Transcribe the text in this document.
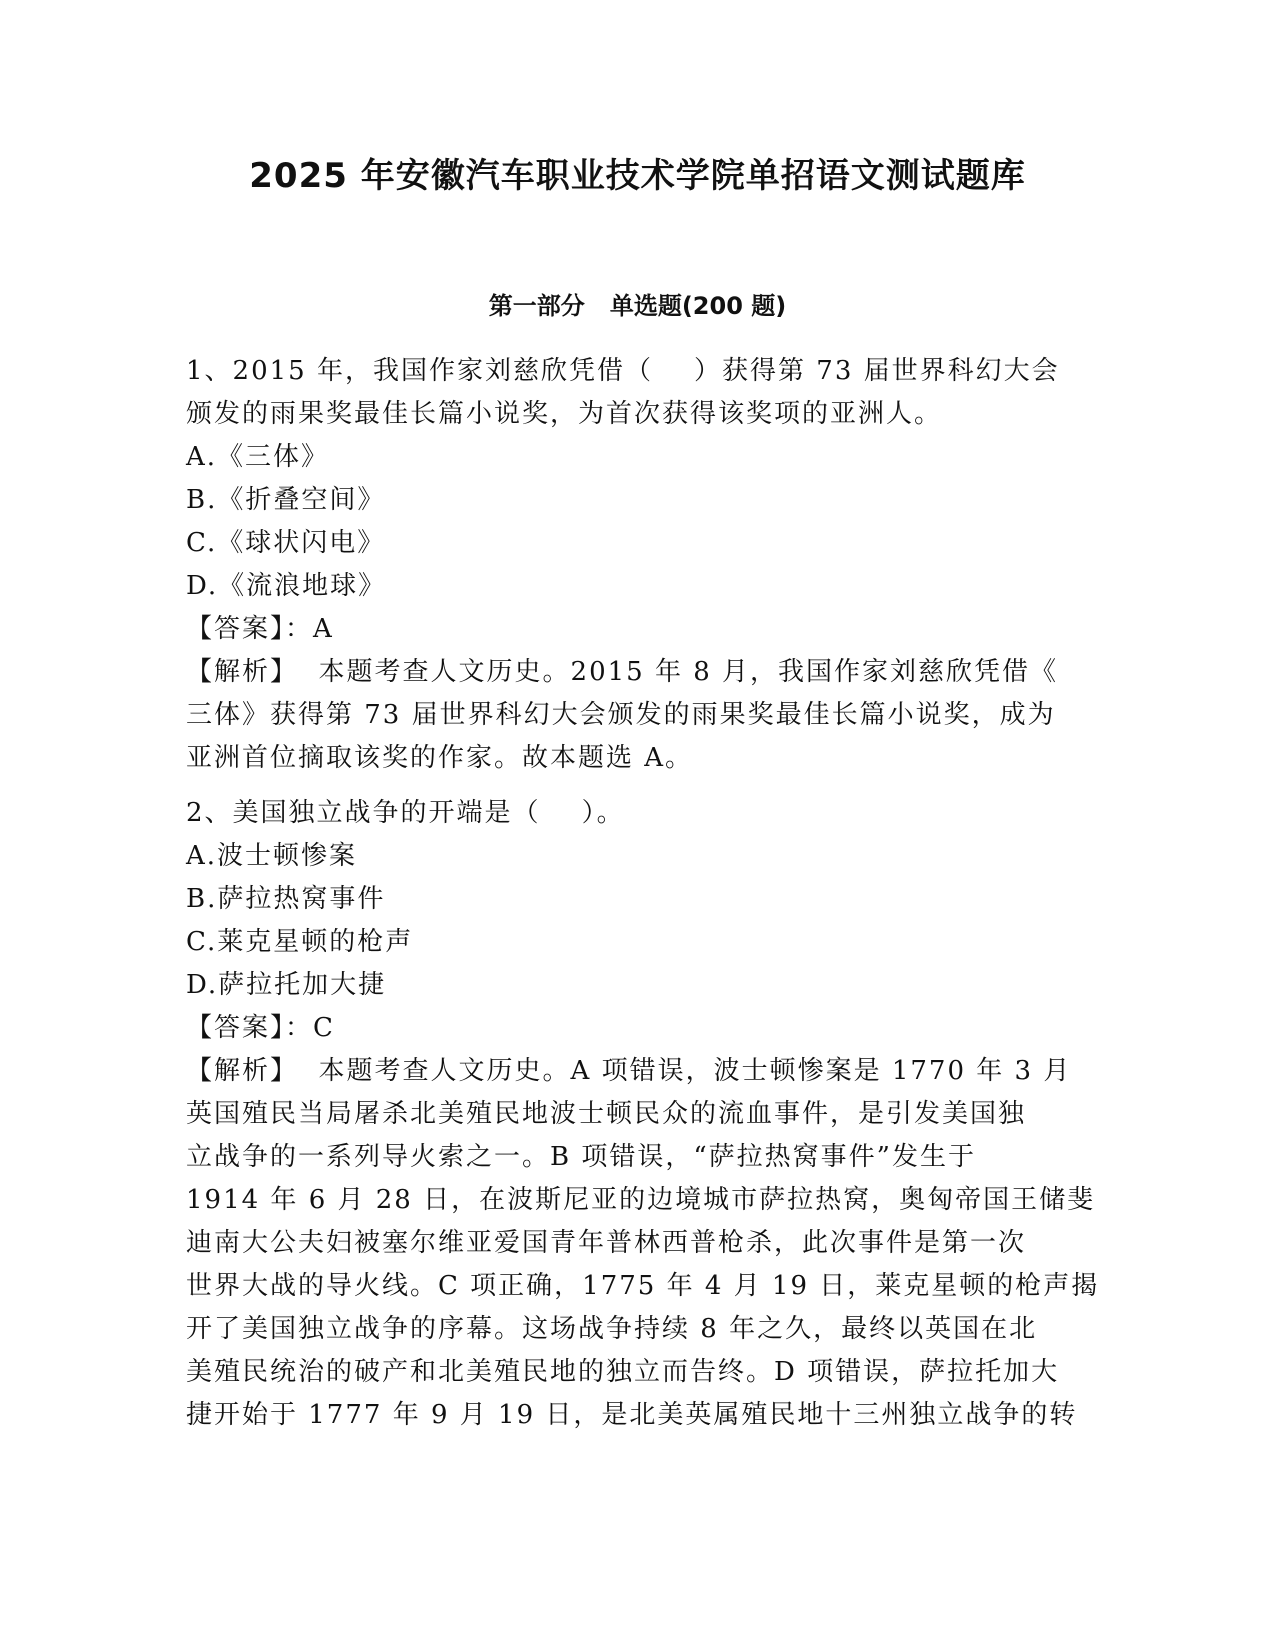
2025 年安徽汽车职业技术学院单招语文测试题库
第一部分   单选题(200 题)
1、2015 年，我国作家刘慈欣凭借（    ）获得第 73 届世界科幻大会
颁发的雨果奖最佳长篇小说奖，为首次获得该奖项的亚洲人。
A.《三体》
B.《折叠空间》
C.《球状闪电》
D.《流浪地球》
【答案】：A
【解析】  本题考查人文历史。2015 年 8 月，我国作家刘慈欣凭借《
三体》获得第 73 届世界科幻大会颁发的雨果奖最佳长篇小说奖，成为
亚洲首位摘取该奖的作家。故本题选 A。
2、美国独立战争的开端是（    ）。
A.波士顿惨案
B.萨拉热窝事件
C.莱克星顿的枪声
D.萨拉托加大捷
【答案】：C
【解析】  本题考查人文历史。A 项错误，波士顿惨案是 1770 年 3 月
英国殖民当局屠杀北美殖民地波士顿民众的流血事件，是引发美国独
立战争的一系列导火索之一。B 项错误，“萨拉热窝事件”发生于
1914 年 6 月 28 日，在波斯尼亚的边境城市萨拉热窝，奥匈帝国王储斐
迪南大公夫妇被塞尔维亚爱国青年普林西普枪杀，此次事件是第一次
世界大战的导火线。C 项正确，1775 年 4 月 19 日，莱克星顿的枪声揭
开了美国独立战争的序幕。这场战争持续 8 年之久，最终以英国在北
美殖民统治的破产和北美殖民地的独立而告终。D 项错误，萨拉托加大
捷开始于 1777 年 9 月 19 日，是北美英属殖民地十三州独立战争的转
